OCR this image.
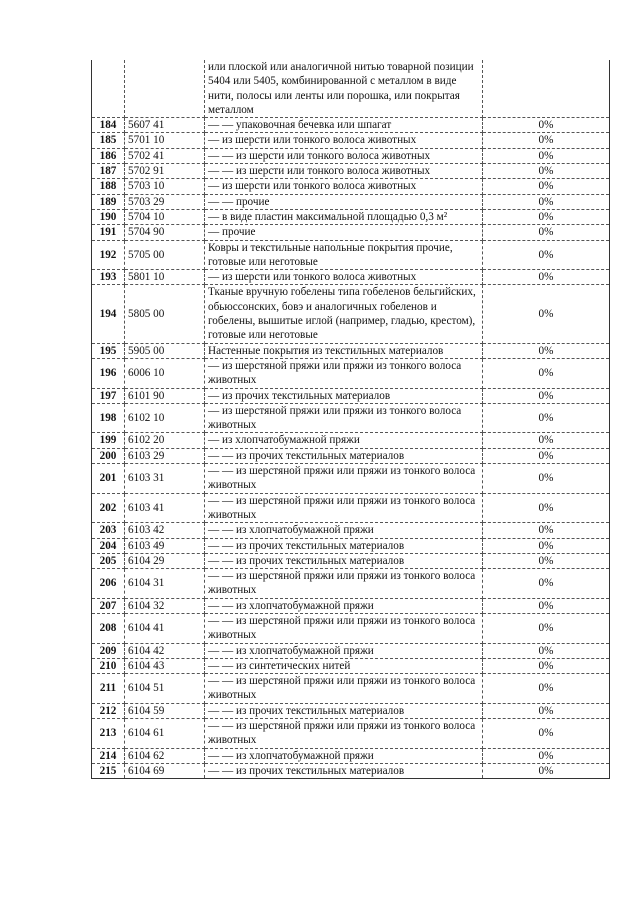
		или плоской или аналогичной нитью товарной позиции 5404 или 5405, комбинированной с металлом в виде нити, полосы или ленты или порошка, или покрытая металлом	
184	5607 41	— — упаковочная бечевка или шпагат	0%
185	5701 10	— из шерсти или тонкого волоса животных	0%
186	5702 41	— — из шерсти или тонкого волоса животных	0%
187	5702 91	— — из шерсти или тонкого волоса животных	0%
188	5703 10	— из шерсти или тонкого волоса животных	0%
189	5703 29	— — прочие	0%
190	5704 10	— в виде пластин максимальной площадью 0,3 м²	0%
191	5704 90	— прочие	0%
192	5705 00	Ковры и текстильные напольные покрытия прочие, готовые или неготовые	0%
193	5801 10	— из шерсти или тонкого волоса животных	0%
194	5805 00	Тканые вручную гобелены типа гобеленов бельгийских, обьюссонских, бовэ и аналогичных гобеленов и гобелены, вышитые иглой (например, гладью, крестом), готовые или неготовые	0%
195	5905 00	Настенные покрытия из текстильных материалов	0%
196	6006 10	— из шерстяной пряжи или пряжи из тонкого волоса животных	0%
197	6101 90	— из прочих текстильных материалов	0%
198	6102 10	— из шерстяной пряжи или пряжи из тонкого волоса животных	0%
199	6102 20	— из хлопчатобумажной пряжи	0%
200	6103 29	— — из прочих текстильных материалов	0%
201	6103 31	— — из шерстяной пряжи или пряжи из тонкого волоса животных	0%
202	6103 41	— — из шерстяной пряжи или пряжи из тонкого волоса животных	0%
203	6103 42	— — из хлопчатобумажной пряжи	0%
204	6103 49	— — из прочих текстильных материалов	0%
205	6104 29	— — из прочих текстильных материалов	0%
206	6104 31	— — из шерстяной пряжи или пряжи из тонкого волоса животных	0%
207	6104 32	— — из хлопчатобумажной пряжи	0%
208	6104 41	— — из шерстяной пряжи или пряжи из тонкого волоса животных	0%
209	6104 42	— — из хлопчатобумажной пряжи	0%
210	6104 43	— — из синтетических нитей	0%
211	6104 51	— — из шерстяной пряжи или пряжи из тонкого волоса животных	0%
212	6104 59	— — из прочих текстильных материалов	0%
213	6104 61	— — из шерстяной пряжи или пряжи из тонкого волоса животных	0%
214	6104 62	— — из хлопчатобумажной пряжи	0%
215	6104 69	— — из прочих текстильных материалов	0%
